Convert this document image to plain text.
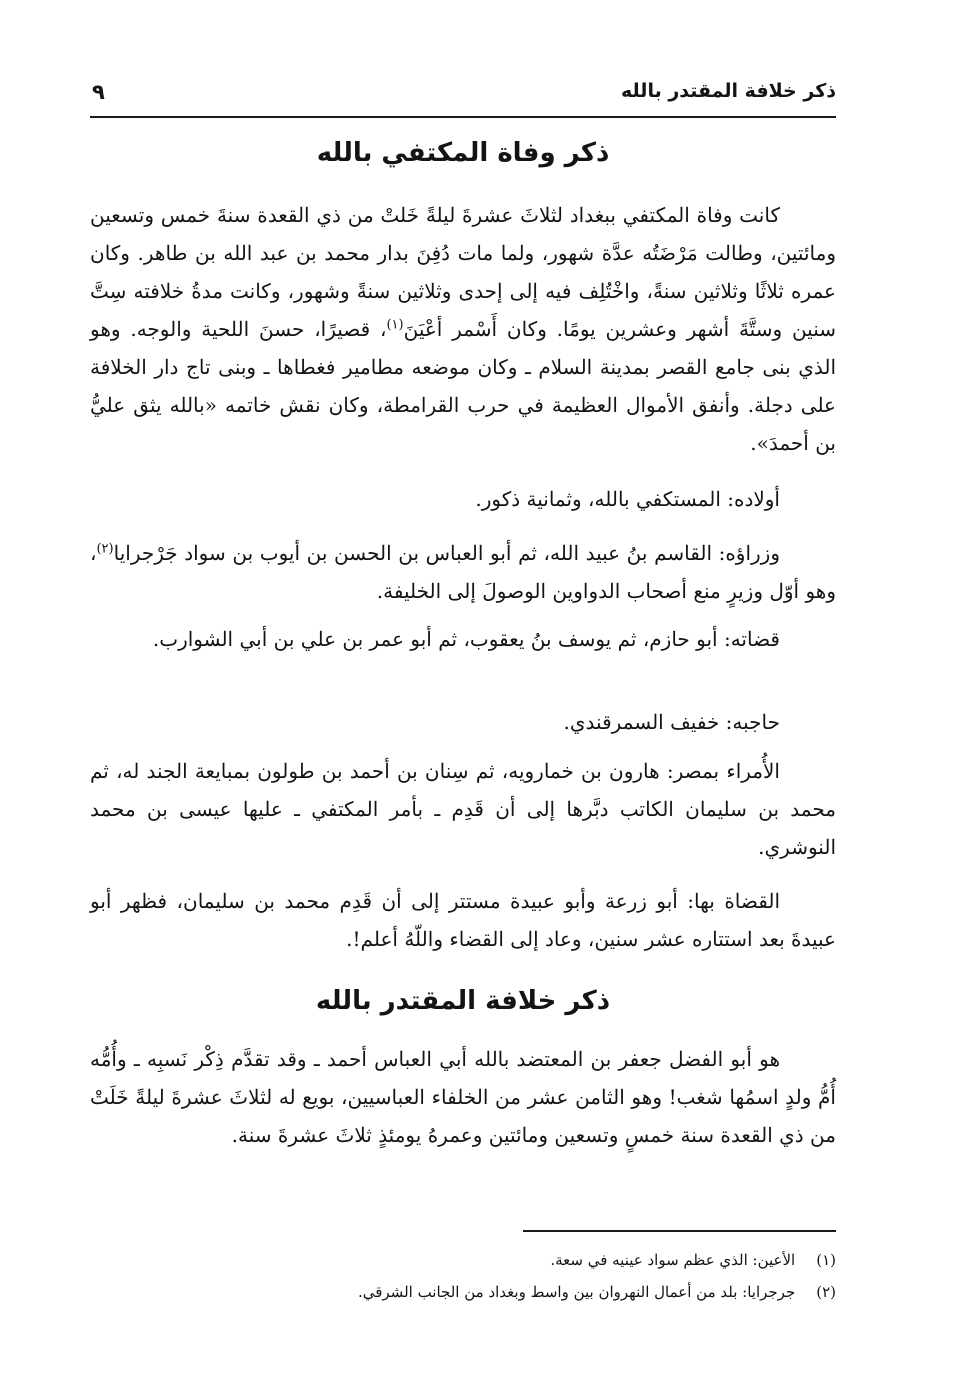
ذكر خلافة المقتدر بالله
٩
ذكر وفاة المكتفي بالله

كانت وفاة المكتفي ببغداد لثلاثَ عشرةَ ليلةً خَلتْ من ذي القعدة سنةَ خمس وتسعين ومائتين، وطالت مَرْضَتُه عدَّة شهور، ولما مات دُفِنَ بدار محمد بن عبد الله بن طاهر. وكان عمره ثلاثًا وثلاثين سنةً، واخْتُلِف فيه إلى إحدى وثلاثين سنةً وشهور، وكانت مدةُ خلافته سِتَّ سنين وستَّةَ أشهر وعشرين يومًا. وكان أَسْمر أعْيَنَ$^{(١)}$، قصيرًا، حسنَ اللحية والوجه. وهو الذي بنى جامع القصر بمدينة السلام ـ وكان موضعه مطامير فغطاها ـ وبنى تاج دار الخلافة على دجلة. وأنفق الأموال العظيمة في حرب القرامطة، وكان نقش خاتمه «بالله يثق عليُّ بن أحمدَ».

أولاده: المستكفي بالله، وثمانية ذكور.

وزراؤه: القاسم بنُ عبيد الله، ثم أبو العباس بن الحسن بن أيوب بن سواد جَرْجرايا$^{(٢)}$، وهو أوّل وزيرٍ منع أصحاب الدواوين الوصولَ إلى الخليفة.

قضاته: أبو حازم، ثم يوسف بنُ يعقوب، ثم أبو عمر بن علي بن أبي الشوارب.

حاجبه: خفيف السمرقندي.

الأُمراء بمصر: هارون بن خمارويه، ثم سِنان بن أحمد بن طولون بمبايعة الجند له، ثم محمد بن سليمان الكاتب دبَّرها إلى أن قَدِم ـ بأمر المكتفي ـ عليها عيسى بن محمد النوشري.

القضاة بها: أبو زرعة وأبو عبيدة مستتر إلى أن قَدِم محمد بن سليمان، فظهر أبو عبيدةَ بعد استتاره عشر سنين، وعاد إلى القضاء واللّهُ أعلم!.

ذكر خلافة المقتدر بالله

هو أبو الفضل جعفر بن المعتضد بالله أبي العباس أحمد ـ وقد تقدَّم ذِكْر نَسبِه ـ وأُمُّه أُمُّ ولدٍ اسمُها شغب! وهو الثامن عشر من الخلفاء العباسيين، بويع له لثلاثَ عشرةَ ليلةً خَلَتْ من ذي القعدة سنة خمسٍ وتسعين ومائتين وعمرهُ يومئذٍ ثلاثَ عشرةَ سنة.

(١) الأعين: الذي عظم سواد عينيه في سعة.
(٢) جرجرايا: بلد من أعمال النهروان بين واسط وبغداد من الجانب الشرقي.
